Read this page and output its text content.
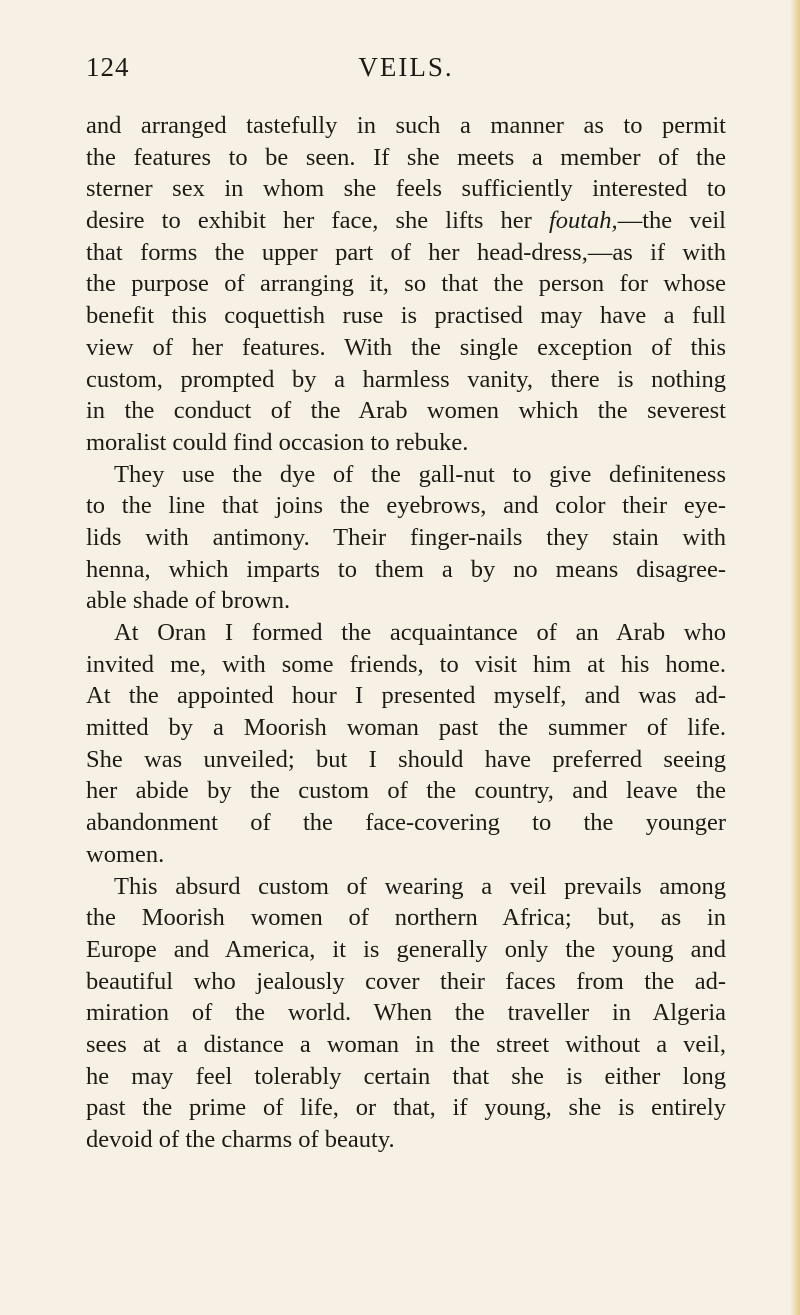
124	VEILS.
and arranged tastefully in such a manner as to permit
the features to be seen. If she meets a member of the
sterner sex in whom she feels sufficiently interested to
desire to exhibit her face, she lifts her foutah,—the veil
that forms the upper part of her head-dress,—as if with
the purpose of arranging it, so that the person for whose
benefit this coquettish ruse is practised may have a full
view of her features. With the single exception of this
custom, prompted by a harmless vanity, there is nothing
in the conduct of the Arab women which the severest
moralist could find occasion to rebuke.
They use the dye of the gall-nut to give definiteness
to the line that joins the eyebrows, and color their eye-
lids with antimony. Their finger-nails they stain with
henna, which imparts to them a by no means disagree-
able shade of brown.
At Oran I formed the acquaintance of an Arab who
invited me, with some friends, to visit him at his home.
At the appointed hour I presented myself, and was ad-
mitted by a Moorish woman past the summer of life.
She was unveiled; but I should have preferred seeing
her abide by the custom of the country, and leave the
abandonment of the face-covering to the younger
women.
This absurd custom of wearing a veil prevails among
the Moorish women of northern Africa; but, as in
Europe and America, it is generally only the young and
beautiful who jealously cover their faces from the ad-
miration of the world. When the traveller in Algeria
sees at a distance a woman in the street without a veil,
he may feel tolerably certain that she is either long
past the prime of life, or that, if young, she is entirely
devoid of the charms of beauty.
